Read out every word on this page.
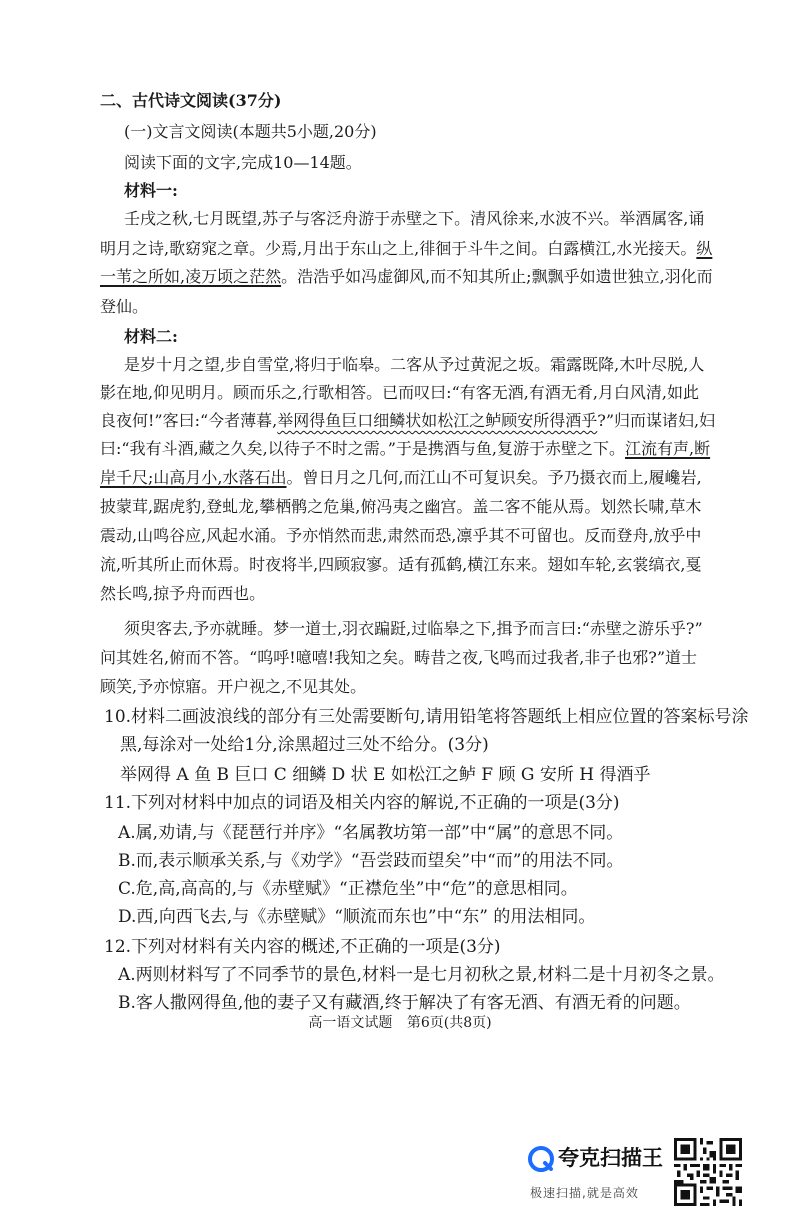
二、古代诗文阅读(37分)
(一)文言文阅读(本题共5小题,20分)
阅读下面的文字,完成10—14题。
材料一:
壬戌之秋,七月既望,苏子与客泛舟游于赤壁之下。清风徐来,水波不兴。举酒属客,诵
明月之诗,歌窈窕之章。少焉,月出于东山之上,徘徊于斗牛之间。白露横江,水光接天。纵
一苇之所如,凌万顷之茫然。浩浩乎如冯虚御风,而不知其所止;飘飘乎如遗世独立,羽化而
登仙。
材料二:
是岁十月之望,步自雪堂,将归于临皋。二客从予过黄泥之坂。霜露既降,木叶尽脱,人
影在地,仰见明月。顾而乐之,行歌相答。已而叹曰:“有客无酒,有酒无肴,月白风清,如此
良夜何!”客曰:“今者薄暮,举网得鱼巨口细鳞状如松江之鲈顾安所得酒乎?”归而谋诸妇,妇
曰:“我有斗酒,藏之久矣,以待子不时之需。”于是携酒与鱼,复游于赤壁之下。江流有声,断
岸千尺;山高月小,水落石出。曾日月之几何,而江山不可复识矣。予乃摄衣而上,履巉岩,
披蒙茸,踞虎豹,登虬龙,攀栖鹘之危巢,俯冯夷之幽宫。盖二客不能从焉。划然长啸,草木
震动,山鸣谷应,风起水涌。予亦悄然而悲,肃然而恐,凛乎其不可留也。反而登舟,放乎中
流,听其所止而休焉。时夜将半,四顾寂寥。适有孤鹤,横江东来。翅如车轮,玄裳缟衣,戛
然长鸣,掠予舟而西也。
须臾客去,予亦就睡。梦一道士,羽衣蹁跹,过临皋之下,揖予而言曰:“赤壁之游乐乎?”
问其姓名,俯而不答。“呜呼!噫嘻!我知之矣。畴昔之夜,飞鸣而过我者,非子也邪?”道士
顾笑,予亦惊寤。开户视之,不见其处。
10.材料二画波浪线的部分有三处需要断句,请用铅笔将答题纸上相应位置的答案标号涂
黑,每涂对一处给1分,涂黑超过三处不给分。(3分)
举网得 A 鱼 B 巨口 C 细鳞 D 状 E 如松江之鲈 F 顾 G 安所 H 得酒乎
11.下列对材料中加点的词语及相关内容的解说,不正确的一项是(3分)
A.属,劝请,与《琵琶行并序》“名属教坊第一部”中“属”的意思不同。
B.而,表示顺承关系,与《劝学》“吾尝跂而望矣”中“而”的用法不同。
C.危,高,高高的,与《赤壁赋》“正襟危坐”中“危”的意思相同。
D.西,向西飞去,与《赤壁赋》“顺流而东也”中“东” 的用法相同。
12.下列对材料有关内容的概述,不正确的一项是(3分)
A.两则材料写了不同季节的景色,材料一是七月初秋之景,材料二是十月初冬之景。
B.客人撒网得鱼,他的妻子又有藏酒,终于解决了有客无酒、有酒无肴的问题。
高一语文试题 第6页(共8页)
夸克扫描王
极速扫描,就是高效
